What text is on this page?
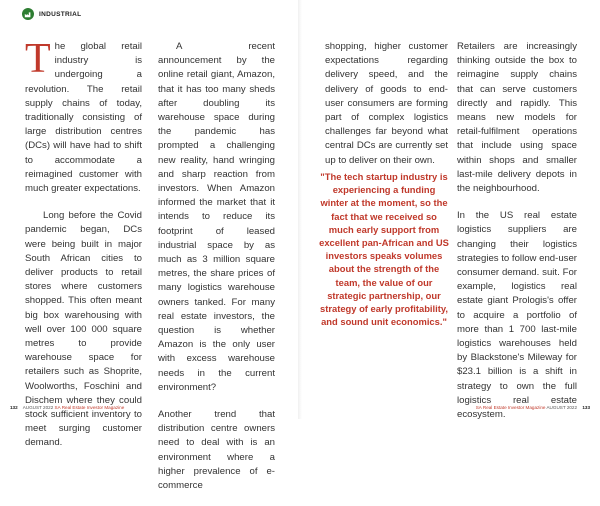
INDUSTRIAL

The global retail industry is undergoing a revolution. The retail supply chains of today, traditionally consisting of large distribution centres (DCs) will have had to shift to accommodate a reimagined customer with much greater expectations.

Long before the Covid pandemic began, DCs were being built in major South African cities to deliver products to retail stores where customers shopped. This often meant big box warehousing with well over 100 000 square metres to provide warehouse space for retailers such as Shoprite, Woolworths, Foschini and Dischem where they could stock sufficient inventory to meet surging customer demand.

A recent announcement by the online retail giant, Amazon, that it has too many sheds after doubling its warehouse space during the pandemic has prompted a challenging new reality, hand wringing and sharp reaction from investors. When Amazon informed the market that it intends to reduce its footprint of leased industrial space by as much as 3 million square metres, the share prices of many logistics warehouse owners tanked. For many real estate investors, the question is whether Amazon is the only user with excess warehouse needs in the current environment?

Another trend that distribution centre owners need to deal with is an environment where a higher prevalence of e-commerce

shopping, higher customer expectations regarding delivery speed, and the delivery of goods to end-user consumers are forming part of complex logistics challenges far beyond what central DCs are currently set up to deliver on their own.

"The tech startup industry is experiencing a funding winter at the moment, so the fact that we received so much early support from excellent pan-African and US investors speaks volumes about the strength of the team, the value of our strategic partnership, our strategy of early profitability, and sound unit economics."

Retailers are increasingly thinking outside the box to reimagine supply chains that can serve customers directly and rapidly. This means new models for retail-fulfilment operations that include using space within shops and smaller last-mile delivery depots in the neighbourhood.

In the US real estate logistics suppliers are changing their logistics strategies to follow end-user consumer demand. suit. For example, logistics real estate giant Prologis's offer to acquire a portfolio of more than 1 700 last-mile logistics warehouses held by Blackstone's Mileway for $23.1 billion is a shift in strategy to own the full logistics real estate ecosystem.

132 AUGUST 2022 SA Real Estate Investor Magazine	SA Real Estate Investor Magazine AUGUST 2022 133
